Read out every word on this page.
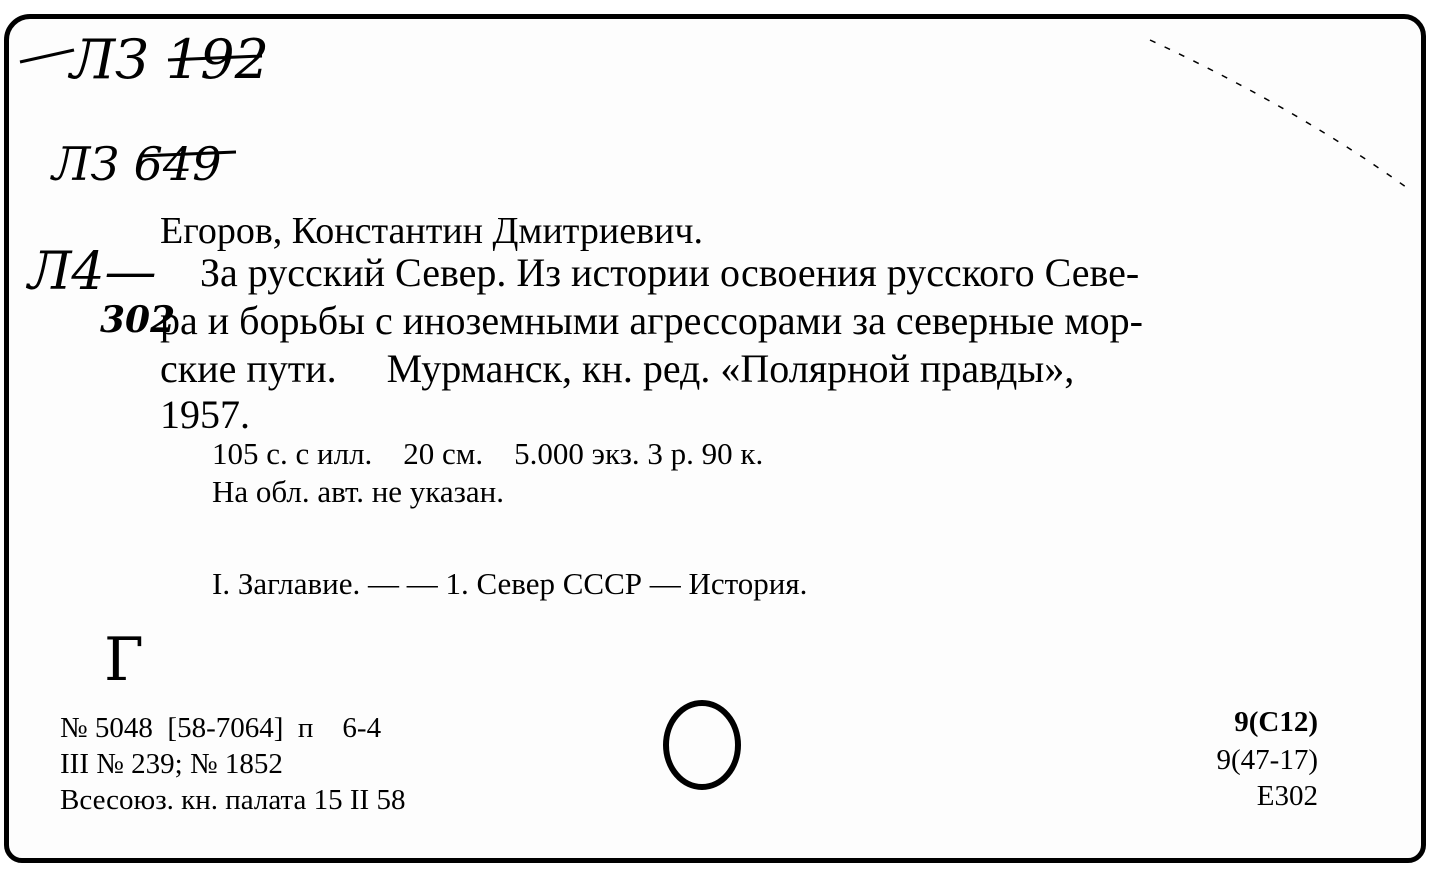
ЛЗ 192
ЛЗ 649
Л4—
302
Г
Егоров, Константин Дмитриевич.
За русский Север. Из истории освоения русского Севе-
ра и борьбы с иноземными агрессорами за северные мор-
ские пути.     Мурманск, кн. ред. «Полярной правды»,
1957.
105 с. с илл.    20 см.    5.000 экз. 3 р. 90 к.
На обл. авт. не указан.
I. Заглавие. — — 1. Север СССР — История.
№ 5048  [58-7064]  п    6-4
III № 239; № 1852
Всесоюз. кн. палата 15 II 58
9(С12)
9(47-17)
Е302
